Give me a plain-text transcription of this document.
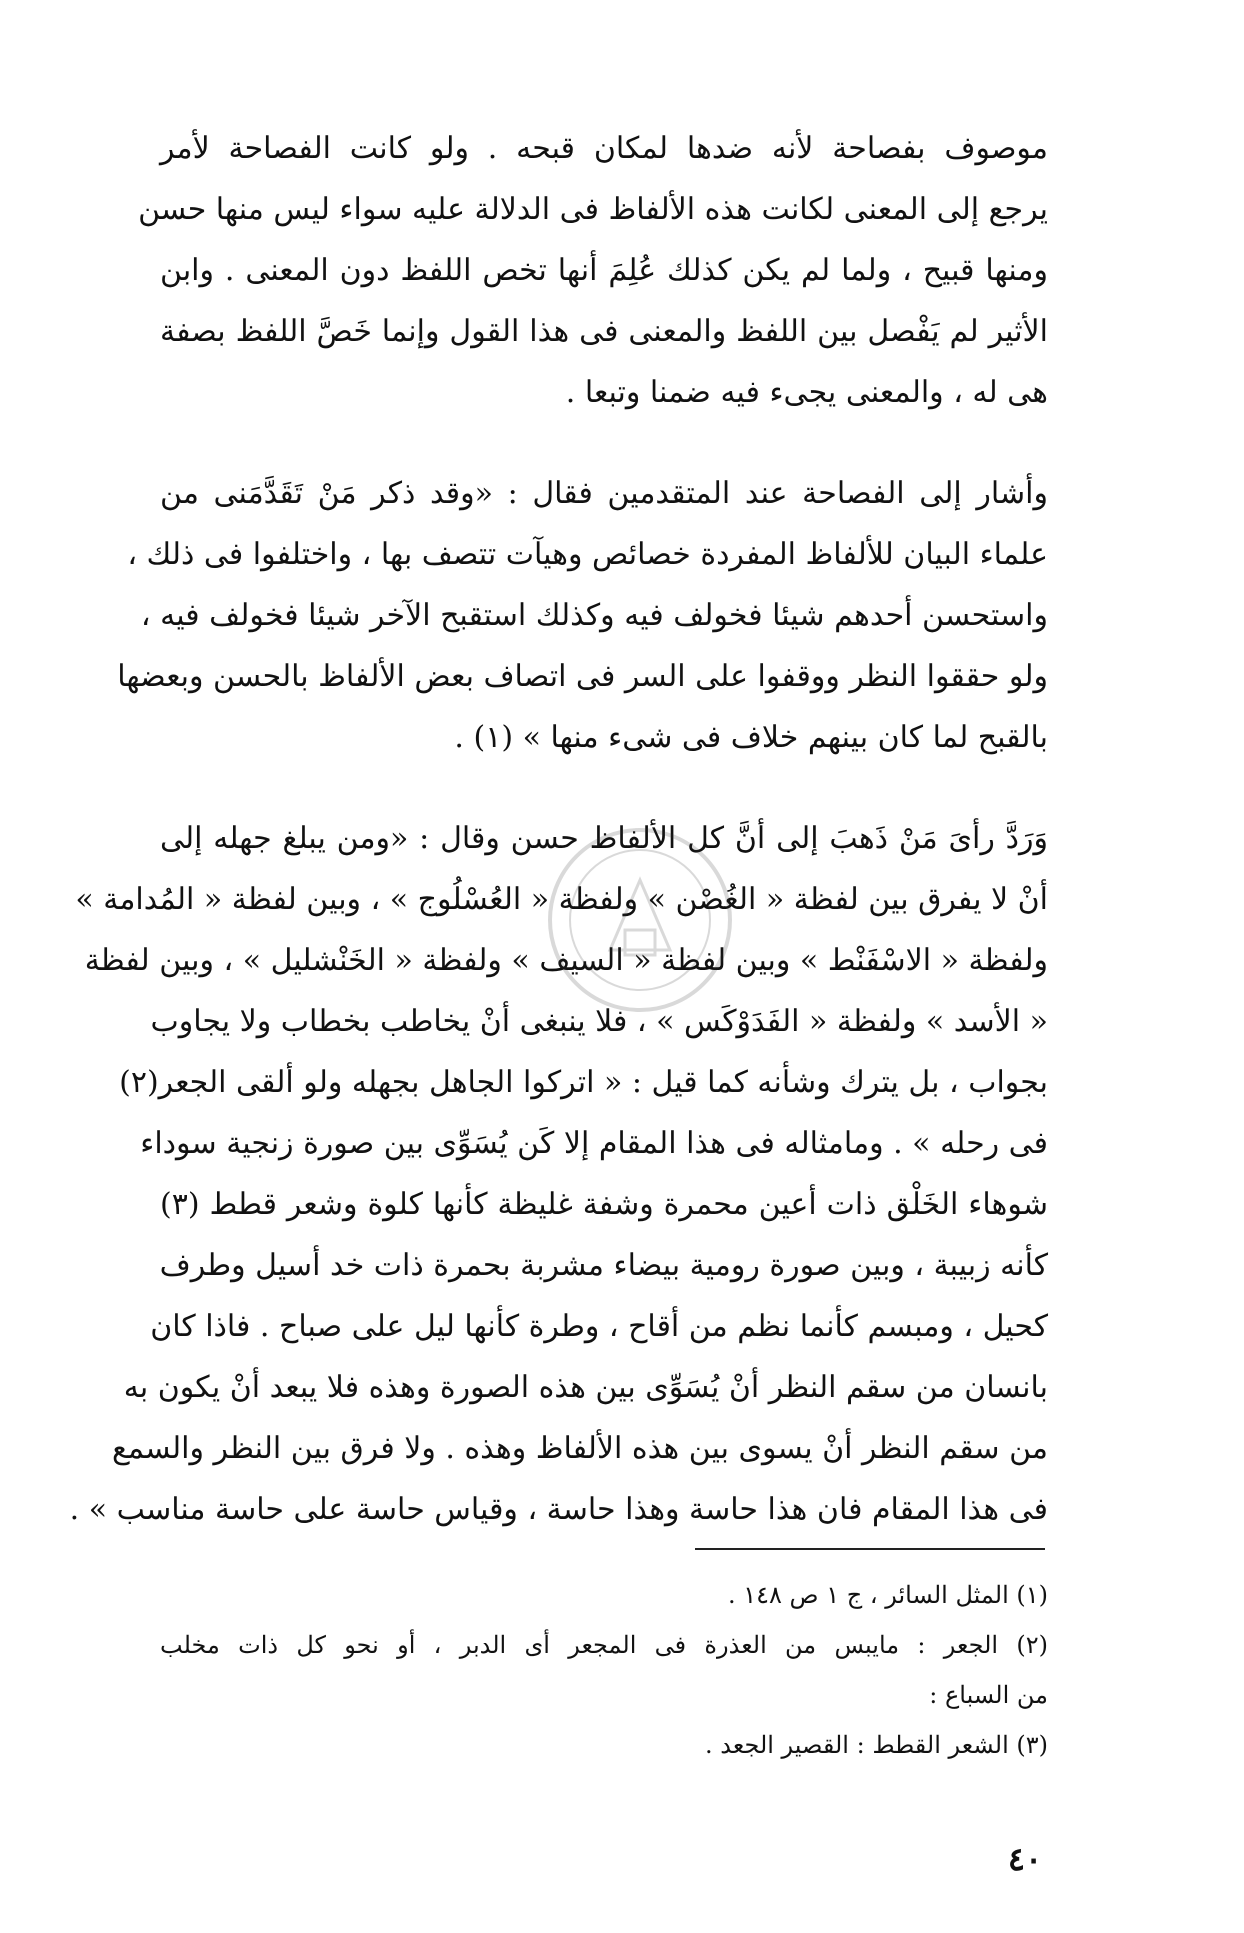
موصوف بفصاحة لأنه ضدها لمكان قبحه . ولو كانت الفصاحة لأمر
يرجع إلى المعنى لكانت هذه الألفاظ فى الدلالة عليه سواء ليس منها حسن
ومنها قبيح ، ولما لم يكن كذلك عُلِمَ أنها تخص اللفظ دون المعنى . وابن
الأثير لم يَفْصل بين اللفظ والمعنى فى هذا القول وإنما خَصَّ اللفظ بصفة
هى له ، والمعنى يجىء فيه ضمنا وتبعا .
وأشار إلى الفصاحة عند المتقدمين فقال : «وقد ذكر مَنْ تَقَدَّمَنى من
علماء البيان للألفاظ المفردة خصائص وهيآت تتصف بها ، واختلفوا فى ذلك ،
واستحسن أحدهم شيئا فخولف فيه وكذلك استقبح الآخر شيئا فخولف فيه ،
ولو حققوا النظر ووقفوا على السر فى اتصاف بعض الألفاظ بالحسن وبعضها
بالقبح لما كان بينهم خلاف فى شىء منها » (١) .
وَرَدَّ رأىَ مَنْ ذَهبَ إلى أنَّ كل الألفاظ حسن وقال : «ومن يبلغ جهله إلى
أنْ لا يفرق بين لفظة « الغُصْن » ولفظة « العُسْلُوج » ، وبين لفظة « المُدامة »
ولفظة « الاسْفَنْط » وبين لفظة « السيف » ولفظة « الخَنْشليل » ، وبين لفظة
« الأسد » ولفظة « الفَدَوْكَس » ، فلا ينبغى أنْ يخاطب بخطاب ولا يجاوب
بجواب ، بل يترك وشأنه كما قيل : « اتركوا الجاهل بجهله ولو ألقى الجعر(٢)
فى رحله » . ومامثاله فى هذا المقام إلا كَن يُسَوِّى بين صورة زنجية سوداء
شوهاء الخَلْق ذات أعين محمرة وشفة غليظة كأنها كلوة وشعر قطط (٣)
كأنه زبيبة ، وبين صورة رومية بيضاء مشربة بحمرة ذات خد أسيل وطرف
كحيل ، ومبسم كأنما نظم من أقاح ، وطرة كأنها ليل على صباح . فاذا كان
بانسان من سقم النظر أنْ يُسَوِّى بين هذه الصورة وهذه فلا يبعد أنْ يكون به
من سقم النظر أنْ يسوى بين هذه الألفاظ وهذه . ولا فرق بين النظر والسمع
فى هذا المقام فان هذا حاسة وهذا حاسة ، وقياس حاسة على حاسة مناسب » .
(١) المثل السائر ، ج ١ ص ١٤٨ .
(٢) الجعر : مايبس من العذرة فى المجعر أى الدبر ، أو نحو كل ذات مخلب
من السباع :
(٣) الشعر القطط : القصير الجعد .
٤٠
